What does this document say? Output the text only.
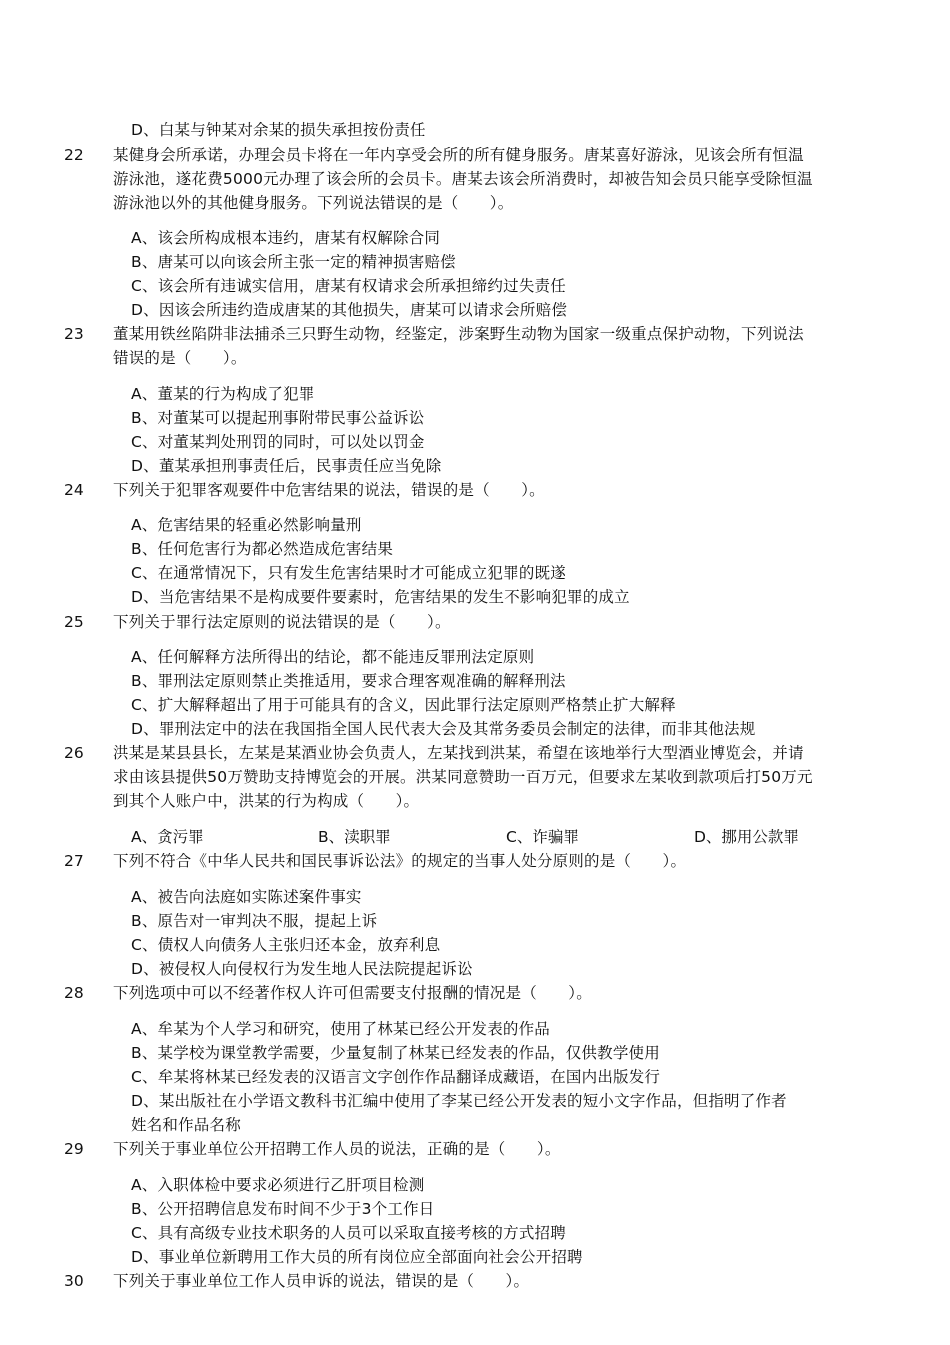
D、白某与钟某对余某的损失承担按份责任
22 某健身会所承诺，办理会员卡将在一年内享受会所的所有健身服务。唐某喜好游泳，见该会所有恒温
游泳池，遂花费5000元办理了该会所的会员卡。唐某去该会所消费时，却被告知会员只能享受除恒温
游泳池以外的其他健身服务。下列说法错误的是（　　）。
A、该会所构成根本违约，唐某有权解除合同
B、唐某可以向该会所主张一定的精神损害赔偿
C、该会所有违诚实信用，唐某有权请求会所承担缔约过失责任
D、因该会所违约造成唐某的其他损失，唐某可以请求会所赔偿
23 董某用铁丝陷阱非法捕杀三只野生动物，经鉴定，涉案野生动物为国家一级重点保护动物，下列说法
错误的是（　　）。
A、董某的行为构成了犯罪
B、对董某可以提起刑事附带民事公益诉讼
C、对董某判处刑罚的同时，可以处以罚金
D、董某承担刑事责任后，民事责任应当免除
24 下列关于犯罪客观要件中危害结果的说法，错误的是（　　）。
A、危害结果的轻重必然影响量刑
B、任何危害行为都必然造成危害结果
C、在通常情况下，只有发生危害结果时才可能成立犯罪的既遂
D、当危害结果不是构成要件要素时，危害结果的发生不影响犯罪的成立
25 下列关于罪行法定原则的说法错误的是（　　）。
A、任何解释方法所得出的结论，都不能违反罪刑法定原则
B、罪刑法定原则禁止类推适用，要求合理客观准确的解释刑法
C、扩大解释超出了用于可能具有的含义，因此罪行法定原则严格禁止扩大解释
D、罪刑法定中的法在我国指全国人民代表大会及其常务委员会制定的法律，而非其他法规
26 洪某是某县县长，左某是某酒业协会负责人，左某找到洪某，希望在该地举行大型酒业博览会，并请
求由该县提供50万赞助支持博览会的开展。洪某同意赞助一百万元，但要求左某收到款项后打50万元
到其个人账户中，洪某的行为构成（　　）。
A、贪污罪	B、渎职罪	C、诈骗罪	D、挪用公款罪
27 下列不符合《中华人民共和国民事诉讼法》的规定的当事人处分原则的是（　　）。
A、被告向法庭如实陈述案件事实
B、原告对一审判决不服，提起上诉
C、债权人向债务人主张归还本金，放弃利息
D、被侵权人向侵权行为发生地人民法院提起诉讼
28 下列选项中可以不经著作权人许可但需要支付报酬的情况是（　　）。
A、牟某为个人学习和研究，使用了林某已经公开发表的作品
B、某学校为课堂教学需要，少量复制了林某已经发表的作品，仅供教学使用
C、牟某将林某已经发表的汉语言文字创作作品翻译成藏语，在国内出版发行
D、某出版社在小学语文教科书汇编中使用了李某已经公开发表的短小文字作品，但指明了作者
姓名和作品名称
29 下列关于事业单位公开招聘工作人员的说法，正确的是（　　）。
A、入职体检中要求必须进行乙肝项目检测
B、公开招聘信息发布时间不少于3个工作日
C、具有高级专业技术职务的人员可以采取直接考核的方式招聘
D、事业单位新聘用工作大员的所有岗位应全部面向社会公开招聘
30 下列关于事业单位工作人员申诉的说法，错误的是（　　）。
